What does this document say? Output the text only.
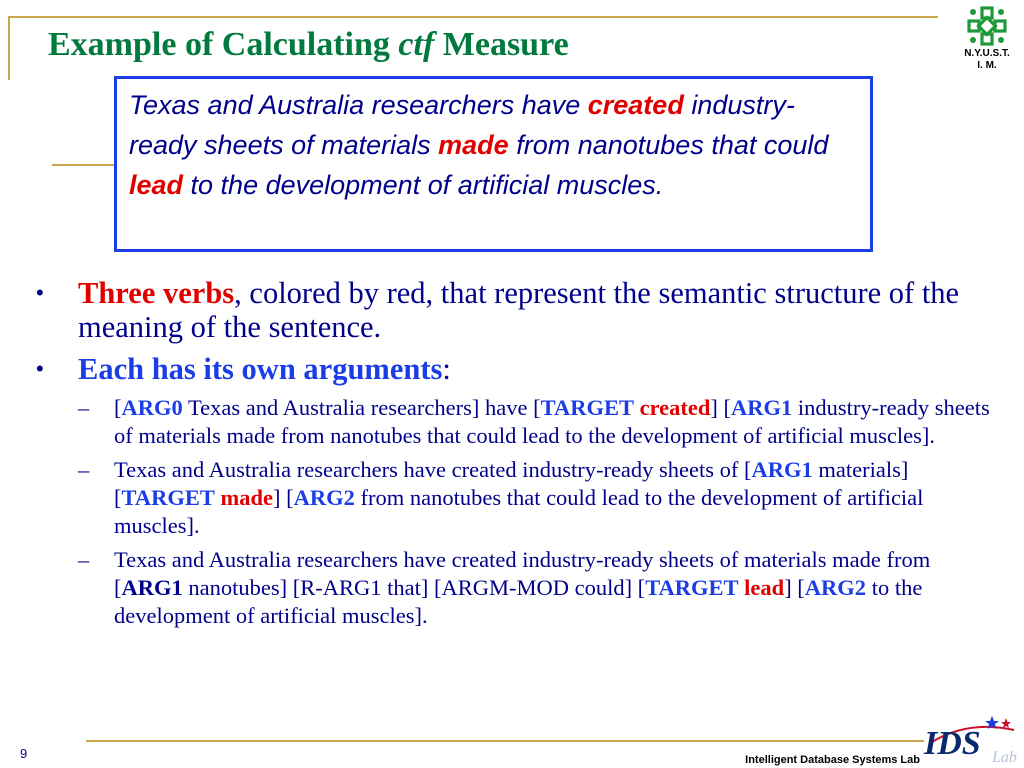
Example of Calculating ctf Measure	N.Y.U.S.T.
I. M.
Texas and Australia researchers have created industry-ready sheets of materials made from nanotubes that could lead to the development of artificial muscles.
• Three verbs, colored by red, that represent the semantic structure of the meaning of the sentence.
• Each has its own arguments:
– [ARG0 Texas and Australia researchers] have [TARGET created] [ARG1 industry-ready sheets of materials made from nanotubes that could lead to the development of artificial muscles].
– Texas and Australia researchers have created industry-ready sheets of [ARG1 materials] [TARGET made] [ARG2 from nanotubes that could lead to the development of artificial muscles].
– Texas and Australia researchers have created industry-ready sheets of materials made from [ARG1 nanotubes] [R-ARG1 that] [ARGM-MOD could] [TARGET lead] [ARG2 to the development of artificial muscles].
9	Intelligent Database Systems Lab IDS Lab
